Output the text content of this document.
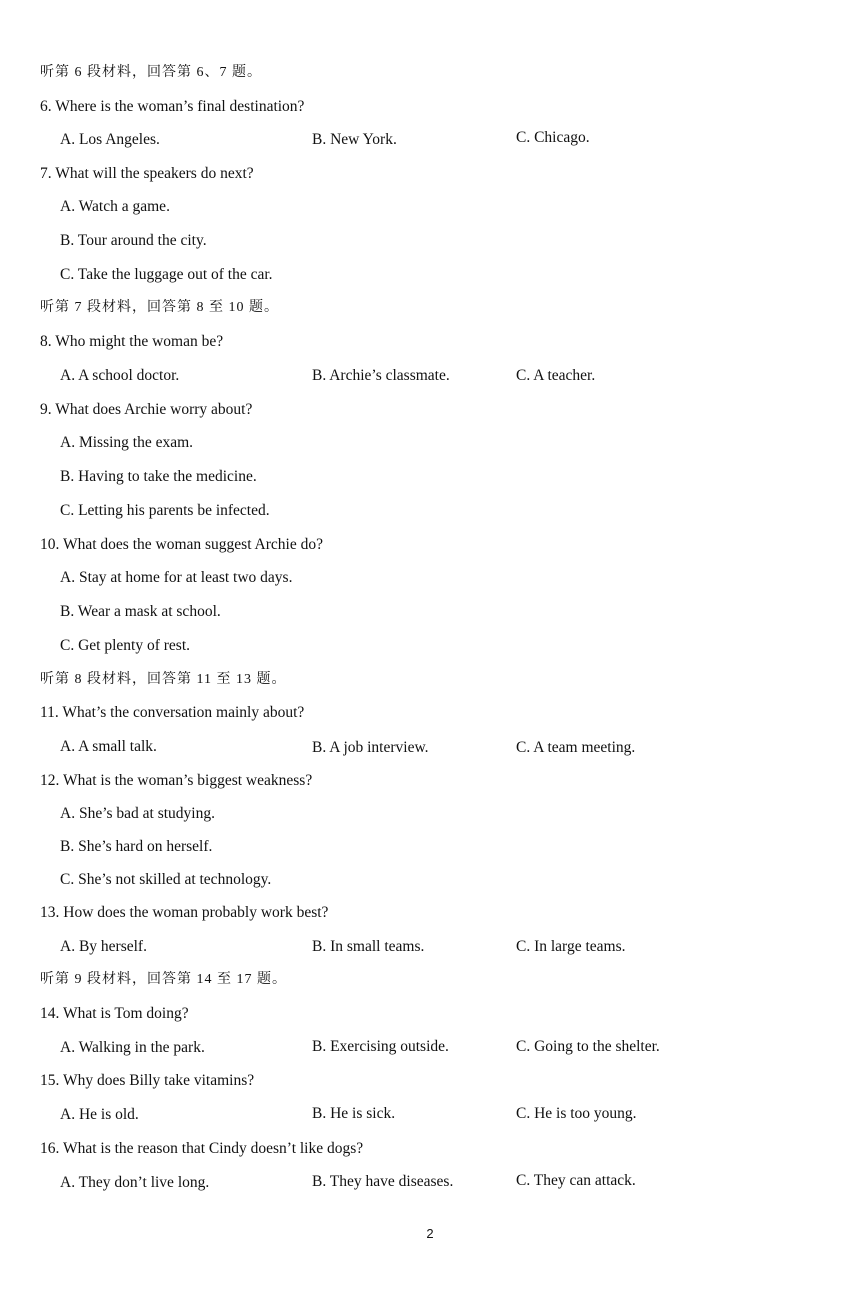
听第 6 段材料，回答第 6、7 题。
6. Where is the woman’s final destination?
A. Los Angeles.	B. New York.	C. Chicago.
7. What will the speakers do next?
A. Watch a game.
B. Tour around the city.
C. Take the luggage out of the car.
听第 7 段材料，回答第 8 至 10 题。
8. Who might the woman be?
A. A school doctor.	B. Archie’s classmate.	C. A teacher.
9. What does Archie worry about?
A. Missing the exam.
B. Having to take the medicine.
C. Letting his parents be infected.
10. What does the woman suggest Archie do?
A. Stay at home for at least two days.
B. Wear a mask at school.
C. Get plenty of rest.
听第 8 段材料，回答第 11 至 13 题。
11. What’s the conversation mainly about?
A. A small talk.	B. A job interview.	C. A team meeting.
12. What is the woman’s biggest weakness?
A. She’s bad at studying.
B. She’s hard on herself.
C. She’s not skilled at technology.
13. How does the woman probably work best?
A. By herself.	B. In small teams.	C. In large teams.
听第 9 段材料，回答第 14 至 17 题。
14. What is Tom doing?
A. Walking in the park.	B. Exercising outside.	C. Going to the shelter.
15. Why does Billy take vitamins?
A. He is old.	B. He is sick.	C. He is too young.
16. What is the reason that Cindy doesn’t like dogs?
A. They don’t live long.	B. They have diseases.	C. They can attack.
2
